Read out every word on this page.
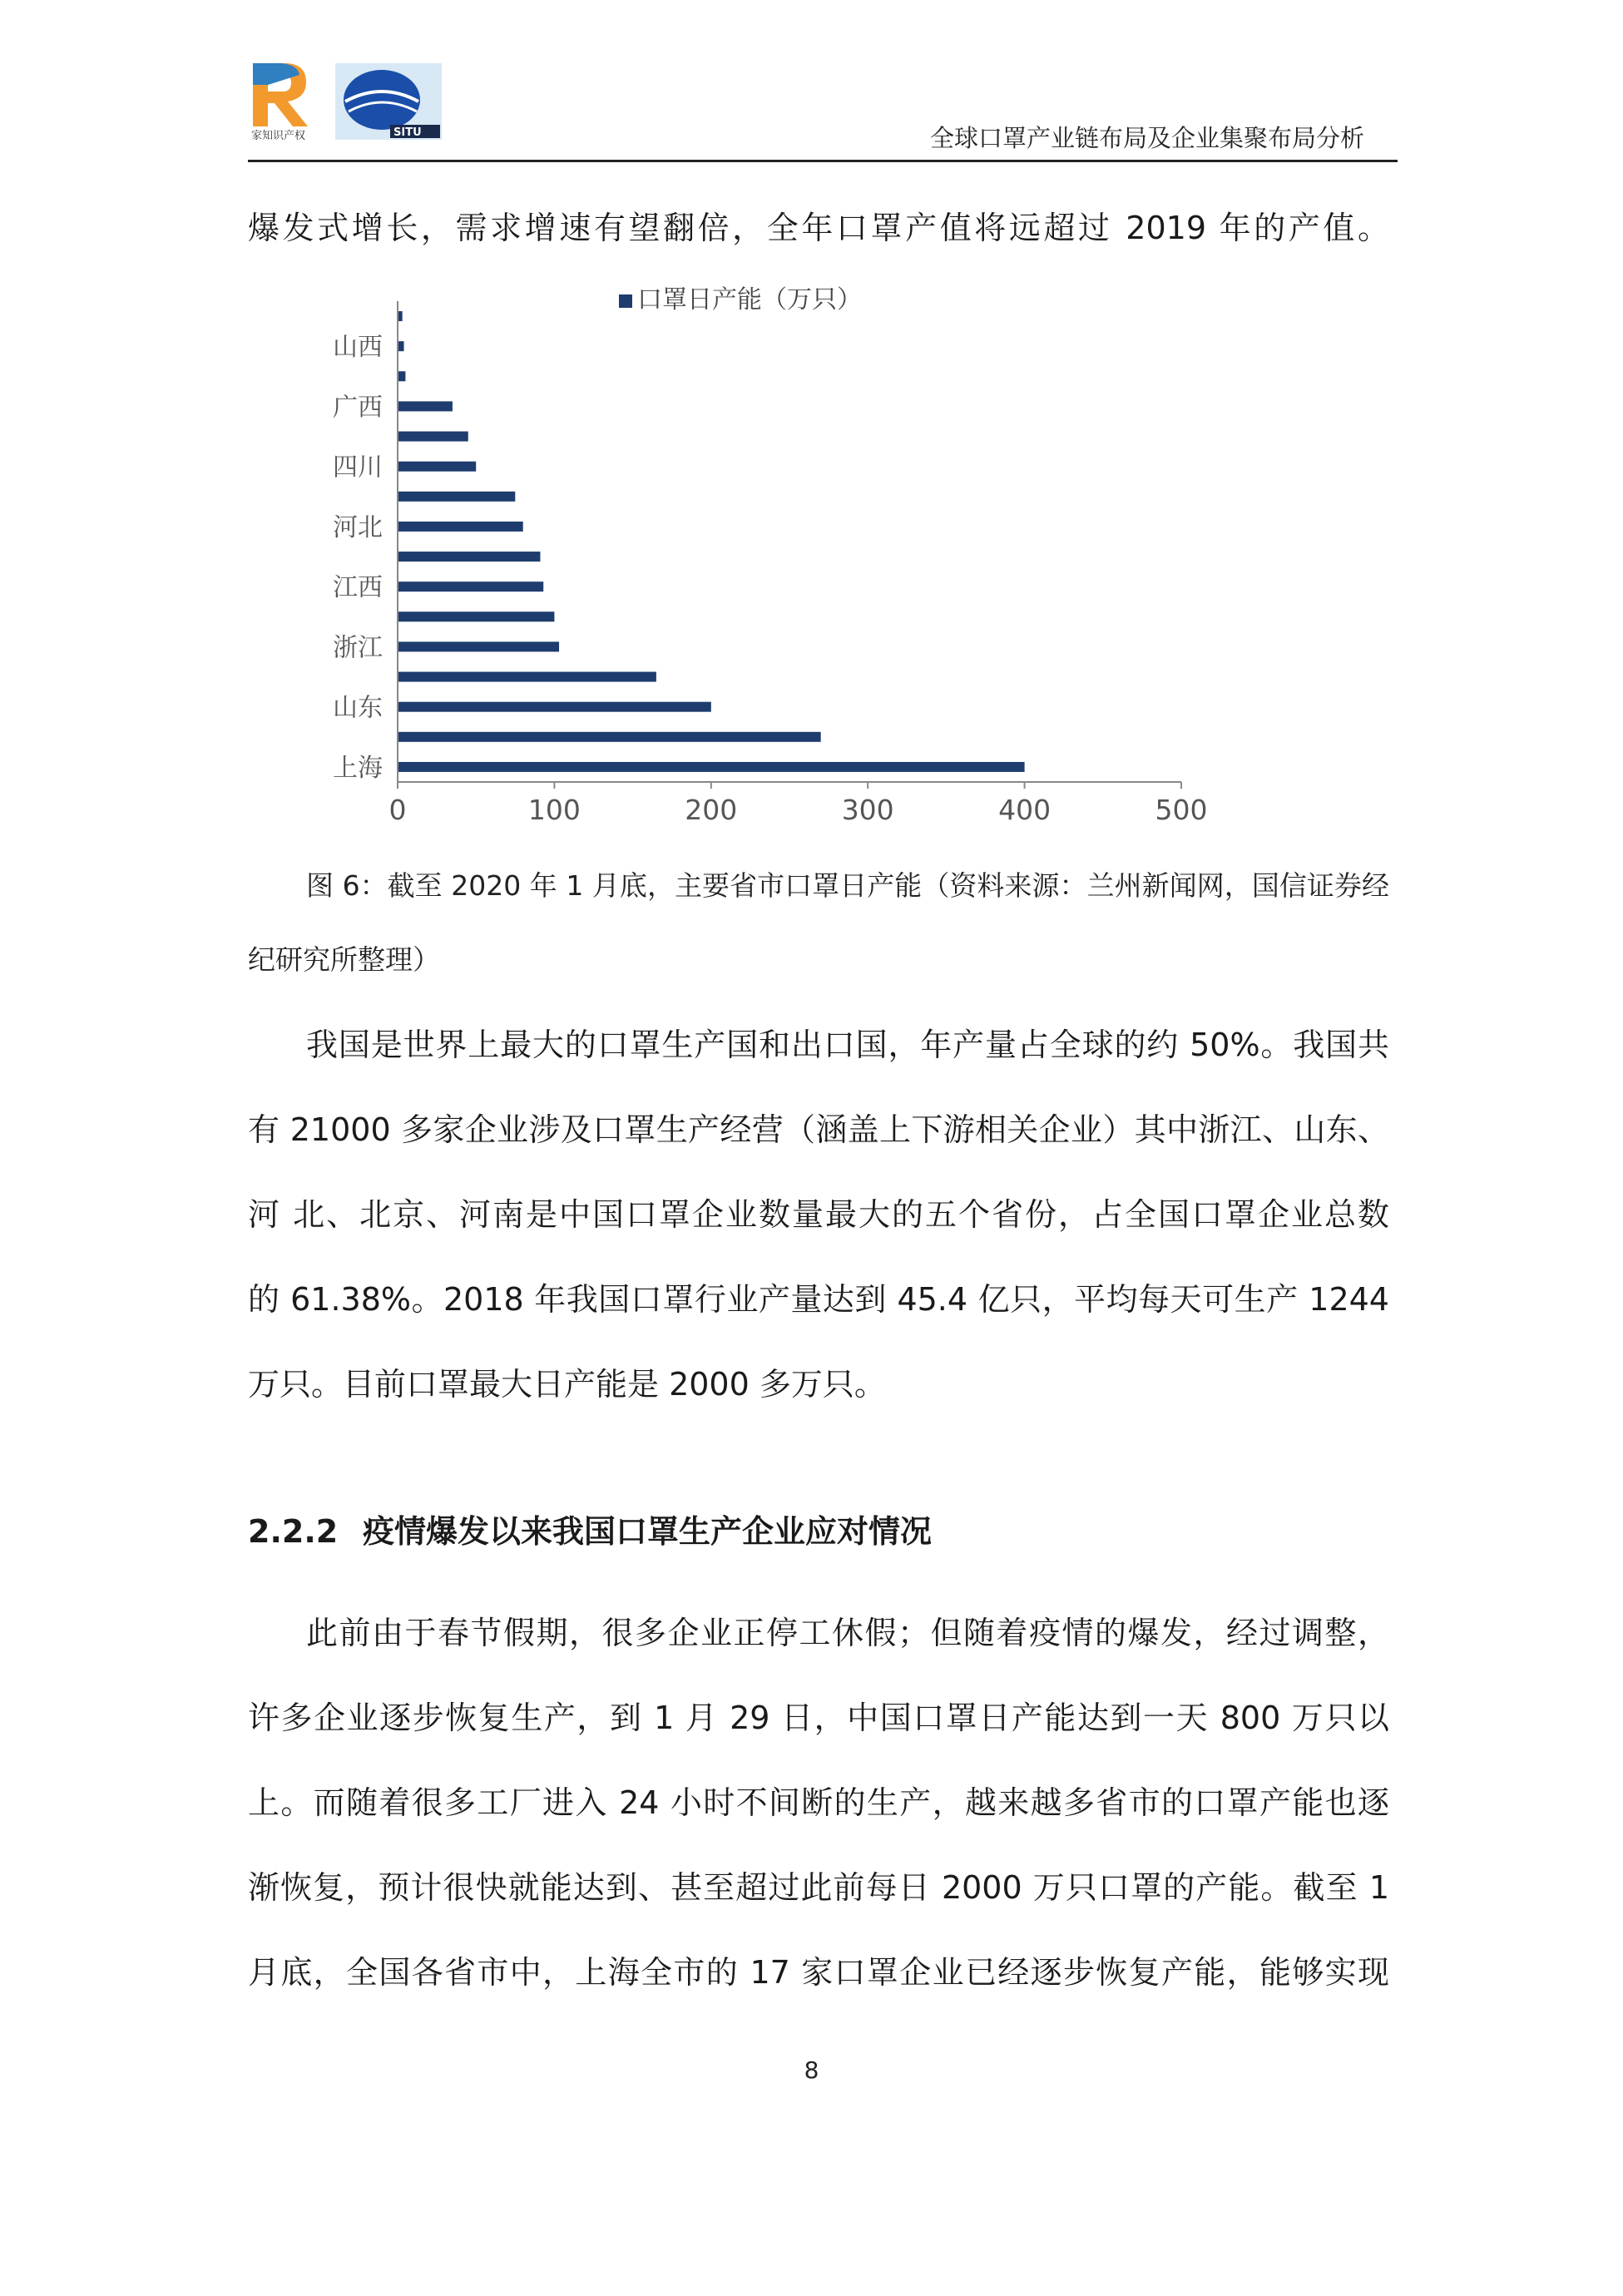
家知识产权	SITU	全球口罩产业链布局及企业集聚布局分析

爆发式增长，需求增速有望翻倍，全年口罩产值将远超过 2019 年的产值。

口罩日产能（万只）
上海
山东
浙江
江西
河北
四川
广西
山西
0	100	200	300	400	500

图 6：截至 2020 年 1 月底，主要省市口罩日产能（资料来源：兰州新闻网，国信证券经纪研究所整理）

我国是世界上最大的口罩生产国和出口国，年产量占全球的约 50%。我国共

有 21000 多家企业涉及口罩生产经营（涵盖上下游相关企业）其中浙江、山东、

河 北、北京、河南是中国口罩企业数量最大的五个省份，占全国口罩企业总数

的 61.38%。2018 年我国口罩行业产量达到 45.4 亿只，平均每天可生产 1244

万只。目前口罩最大日产能是 2000 多万只。

2.2.2 疫情爆发以来我国口罩生产企业应对情况

此前由于春节假期，很多企业正停工休假；但随着疫情的爆发，经过调整，

许多企业逐步恢复生产，到 1 月 29 日，中国口罩日产能达到一天 800 万只以

上。而随着很多工厂进入 24 小时不间断的生产，越来越多省市的口罩产能也逐

渐恢复，预计很快就能达到、甚至超过此前每日 2000 万只口罩的产能。截至 1

月底，全国各省市中，上海全市的 17 家口罩企业已经逐步恢复产能，能够实现

8
